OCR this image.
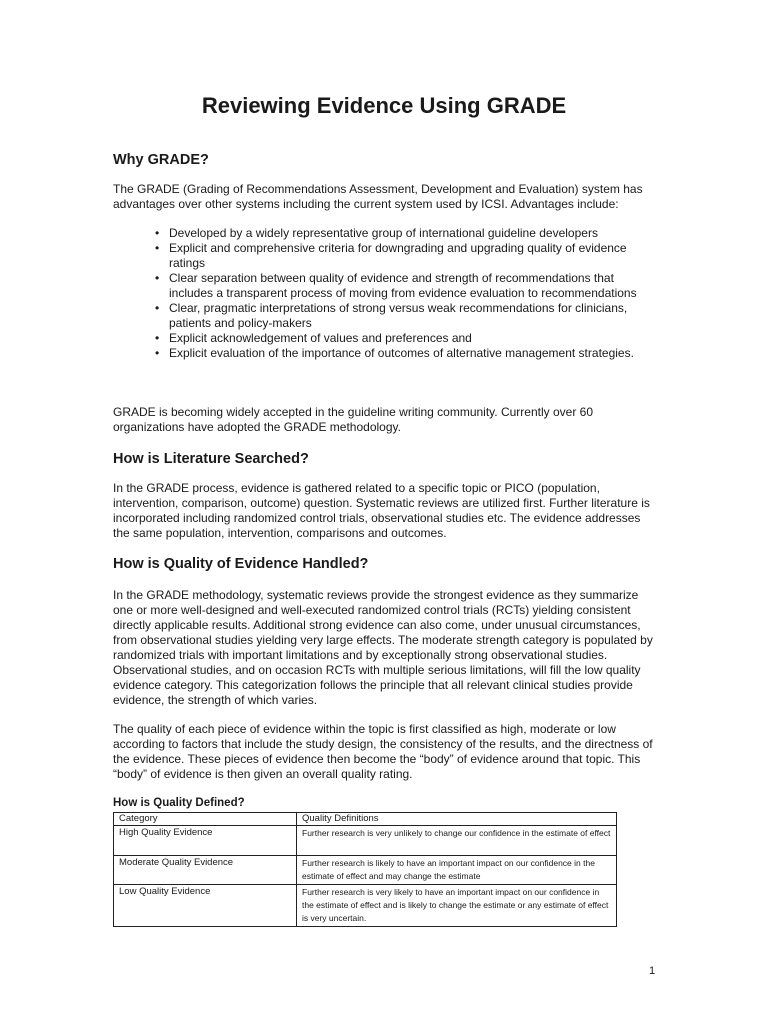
Reviewing Evidence Using GRADE
Why GRADE?

The GRADE (Grading of Recommendations Assessment, Development and Evaluation) system has advantages over other systems including the current system used by ICSI. Advantages include:

• Developed by a widely representative group of international guideline developers
• Explicit and comprehensive criteria for downgrading and upgrading quality of evidence ratings
• Clear separation between quality of evidence and strength of recommendations that includes a transparent process of moving from evidence evaluation to recommendations
• Clear, pragmatic interpretations of strong versus weak recommendations for clinicians, patients and policy-makers
• Explicit acknowledgement of values and preferences and
• Explicit evaluation of the importance of outcomes of alternative management strategies.

GRADE is becoming widely accepted in the guideline writing community. Currently over 60 organizations have adopted the GRADE methodology.

How is Literature Searched?

In the GRADE process, evidence is gathered related to a specific topic or PICO (population, intervention, comparison, outcome) question. Systematic reviews are utilized first. Further literature is incorporated including randomized control trials, observational studies etc. The evidence addresses the same population, intervention, comparisons and outcomes.

How is Quality of Evidence Handled?

In the GRADE methodology, systematic reviews provide the strongest evidence as they summarize one or more well-designed and well-executed randomized control trials (RCTs) yielding consistent directly applicable results. Additional strong evidence can also come, under unusual circumstances, from observational studies yielding very large effects. The moderate strength category is populated by randomized trials with important limitations and by exceptionally strong observational studies. Observational studies, and on occasion RCTs with multiple serious limitations, will fill the low quality evidence category. This categorization follows the principle that all relevant clinical studies provide evidence, the strength of which varies.

The quality of each piece of evidence within the topic is first classified as high, moderate or low according to factors that include the study design, the consistency of the results, and the directness of the evidence. These pieces of evidence then become the “body” of evidence around that topic. This “body” of evidence is then given an overall quality rating.

How is Quality Defined?

Category	Quality Definitions
High Quality Evidence	Further research is very unlikely to change our confidence in the estimate of effect
Moderate Quality Evidence	Further research is likely to have an important impact on our confidence in the estimate of effect and may change the estimate
Low Quality Evidence	Further research is very likely to have an important impact on our confidence in the estimate of effect and is likely to change the estimate or any estimate of effect is very uncertain.
1
